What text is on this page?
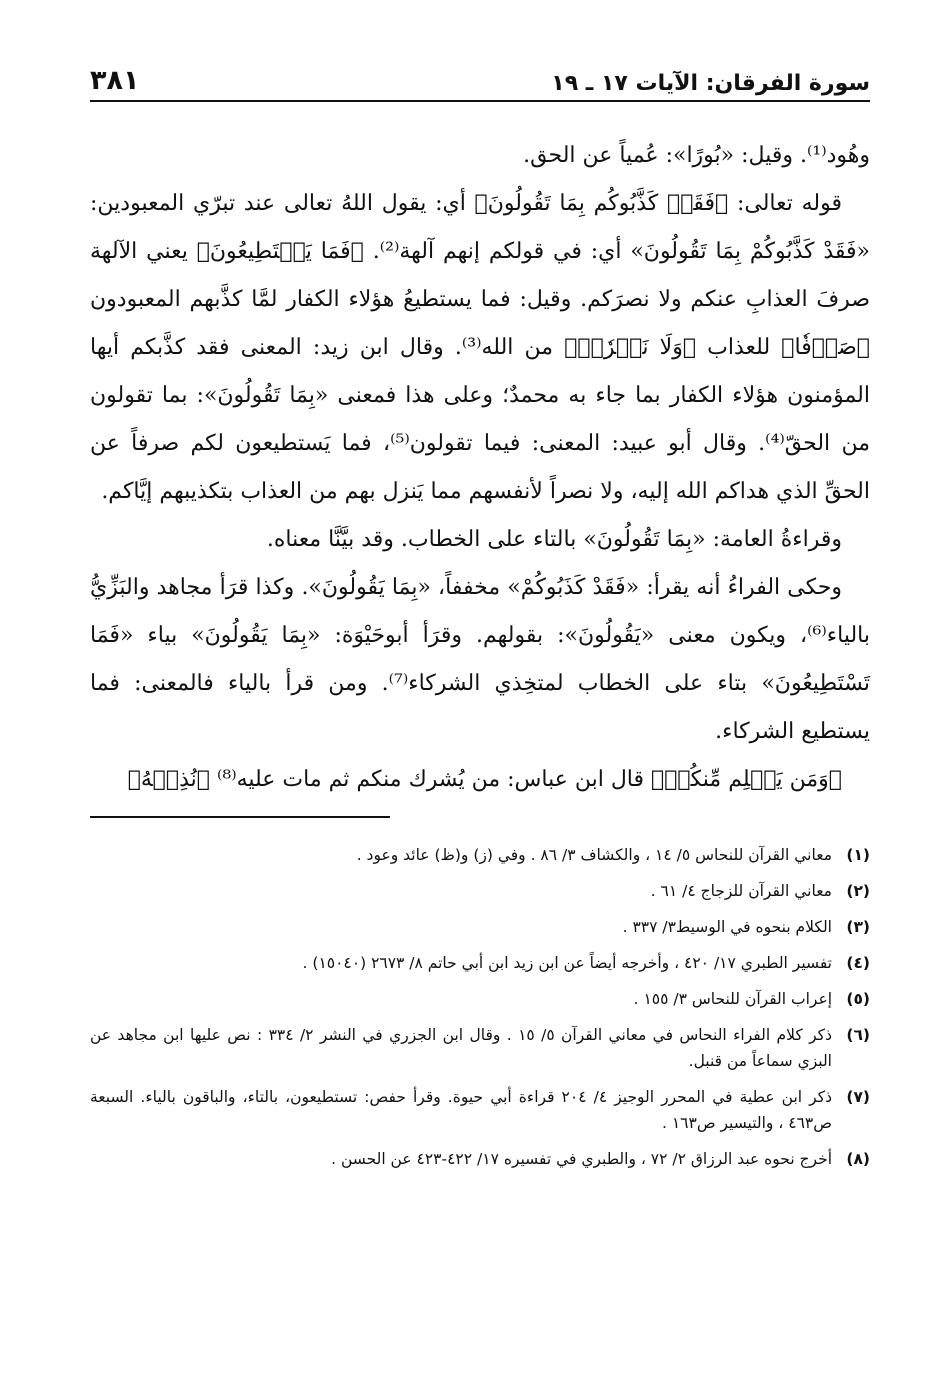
سورة الفرقان: الآيات ١٧ ـ ١٩
٣٨١

وهُود⁽¹⁾. وقيل: «بُورًا»: عُمياً عن الحق.

قوله تعالى: ﴿فَقَدۡ كَذَّبُوكُم بِمَا تَقُولُونَ﴾ أي: يقول اللهُ تعالى عند تبرّي المعبودين: «فَقَدْ كَذَّبُوكُمْ بِمَا تَقُولُونَ» أي: في قولكم إنهم آلهة⁽²⁾. ﴿فَمَا يَسۡتَطِيعُونَ﴾ يعني الآلهة صرفَ العذابِ عنكم ولا نصرَكم. وقيل: فما يستطيعُ هؤلاء الكفار لمَّا كذَّبهم المعبودون ﴿صَرۡفٗا﴾ للعذاب ﴿وَلَا نَصۡرٗاۚ﴾ من الله⁽³⁾. وقال ابن زيد: المعنى فقد كذَّبكم أيها المؤمنون هؤلاء الكفار بما جاء به محمدٌ؛ وعلى هذا فمعنى «بِمَا تَقُولُونَ»: بما تقولون من الحقّ⁽⁴⁾. وقال أبو عبيد: المعنى: فيما تقولون⁽⁵⁾، فما يَستطيعون لكم صرفاً عن الحقِّ الذي هداكم الله إليه، ولا نصراً لأنفسهم مما يَنزل بهم من العذاب بتكذيبهم إيَّاكم.

وقراءةُ العامة: «بِمَا تَقُولُونَ» بالتاء على الخطاب. وقد بيَّنَّا معناه.

وحكى الفراءُ أنه يقرأ: «فَقَدْ كَذَبُوكُمْ» مخففاً، «بِمَا يَقُولُونَ». وكذا قرَأ مجاهد والبَزِّيُّ بالياء⁽⁶⁾، ويكون معنى «يَقُولُونَ»: بقولهم. وقرَأ أبوحَيْوَة: «بِمَا يَقُولُونَ» بياء «فَمَا تَسْتَطِيعُونَ» بتاء على الخطاب لمتخِذي الشركاء⁽⁷⁾. ومن قرأ بالياء فالمعنى: فما يستطيع الشركاء.

﴿وَمَن يَظۡلِم مِّنكُمۡ﴾ قال ابن عباس: من يُشرك منكم ثم مات عليه⁽⁸⁾ ﴿نُذِقۡهُ﴾

(١)
معاني القرآن للنحاس ٥/ ١٤ ، والكشاف ٣/ ٨٦ . وفي (ز) و(ظ) عائد وعود .
(٢)
معاني القرآن للزجاج ٤/ ٦١ .
(٣)
الكلام بنحوه في الوسيط٣/ ٣٣٧ .
(٤)
تفسير الطبري ١٧/ ٤٢٠ ، وأخرجه أيضاً عن ابن زيد ابن أبي حاتم ٨/ ٢٦٧٣ (١٥٠٤٠) .
(٥)
إعراب القرآن للنحاس ٣/ ١٥٥ .
(٦)
ذكر كلام الفراء النحاس في معاني القرآن ٥/ ١٥ . وقال ابن الجزري في النشر ٢/ ٣٣٤ : نص عليها ابن مجاهد عن البزي سماعاً من قنبل.
(٧)
ذكر ابن عطية في المحرر الوجيز ٤/ ٢٠٤ قراءة أبي حيوة. وقرأ حفص: تستطيعون، بالتاء، والباقون بالياء. السبعة ص٤٦٣ ، والتيسير ص١٦٣ .
(٨)
أخرج نحوه عبد الرزاق ٢/ ٧٢ ، والطبري في تفسيره ١٧/ ٤٢٢-٤٢٣ عن الحسن .
